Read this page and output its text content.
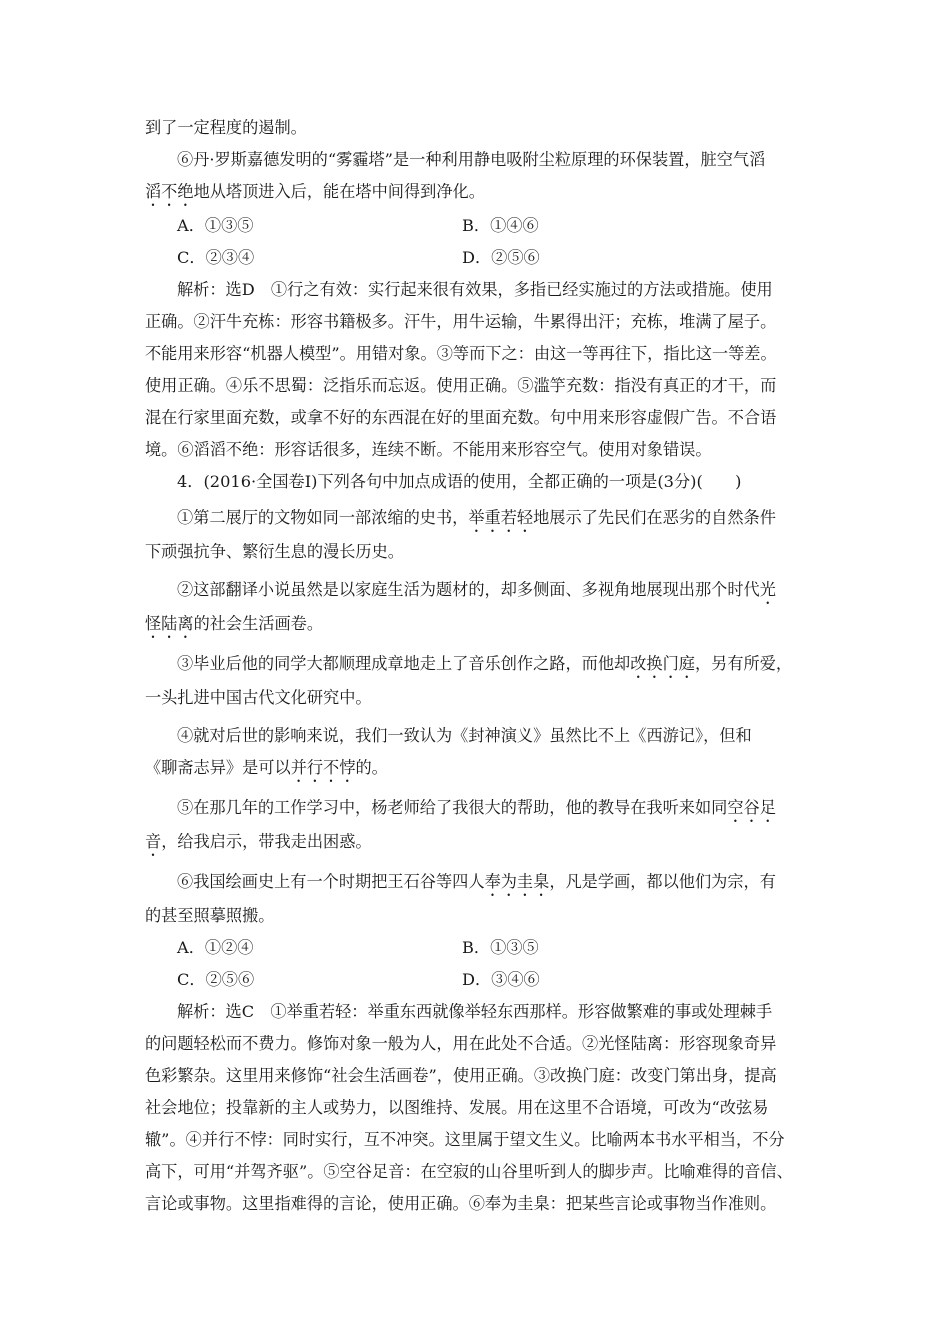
到了一定程度的遏制。
⑥丹·罗斯嘉德发明的“雾霾塔”是一种利用静电吸附尘粒原理的环保装置，脏空气滔
滔不绝地从塔顶进入后，能在塔中间得到净化。
A．①③⑤	B．①④⑥
C．②③④	D．②⑤⑥
解析：选D　①行之有效：实行起来很有效果，多指已经实施过的方法或措施。使用
正确。②汗牛充栋：形容书籍极多。汗牛，用牛运输，牛累得出汗；充栋，堆满了屋子。
不能用来形容“机器人模型”。用错对象。③等而下之：由这一等再往下，指比这一等差。
使用正确。④乐不思蜀：泛指乐而忘返。使用正确。⑤滥竽充数：指没有真正的才干，而
混在行家里面充数，或拿不好的东西混在好的里面充数。句中用来形容虚假广告。不合语
境。⑥滔滔不绝：形容话很多，连续不断。不能用来形容空气。使用对象错误。
4．(2016·全国卷Ⅰ)下列各句中加点成语的使用，全都正确的一项是(3分)(　　)
①第二展厅的文物如同一部浓缩的史书，举重若轻地展示了先民们在恶劣的自然条件
下顽强抗争、繁衍生息的漫长历史。
②这部翻译小说虽然是以家庭生活为题材的，却多侧面、多视角地展现出那个时代光
怪陆离的社会生活画卷。
③毕业后他的同学大都顺理成章地走上了音乐创作之路，而他却改换门庭，另有所爱，
一头扎进中国古代文化研究中。
④就对后世的影响来说，我们一致认为《封神演义》虽然比不上《西游记》，但和
《聊斋志异》是可以并行不悖的。
⑤在那几年的工作学习中，杨老师给了我很大的帮助，他的教导在我听来如同空谷足
音，给我启示，带我走出困惑。
⑥我国绘画史上有一个时期把王石谷等四人奉为圭臬，凡是学画，都以他们为宗，有
的甚至照摹照搬。
A．①②④	B．①③⑤
C．②⑤⑥	D．③④⑥
解析：选C　①举重若轻：举重东西就像举轻东西那样。形容做繁难的事或处理棘手
的问题轻松而不费力。修饰对象一般为人，用在此处不合适。②光怪陆离：形容现象奇异
色彩繁杂。这里用来修饰“社会生活画卷”，使用正确。③改换门庭：改变门第出身，提高
社会地位；投靠新的主人或势力，以图维持、发展。用在这里不合语境，可改为“改弦易
辙”。④并行不悖：同时实行，互不冲突。这里属于望文生义。比喻两本书水平相当，不分
高下，可用“并驾齐驱”。⑤空谷足音：在空寂的山谷里听到人的脚步声。比喻难得的音信、
言论或事物。这里指难得的言论，使用正确。⑥奉为圭臬：把某些言论或事物当作准则。
